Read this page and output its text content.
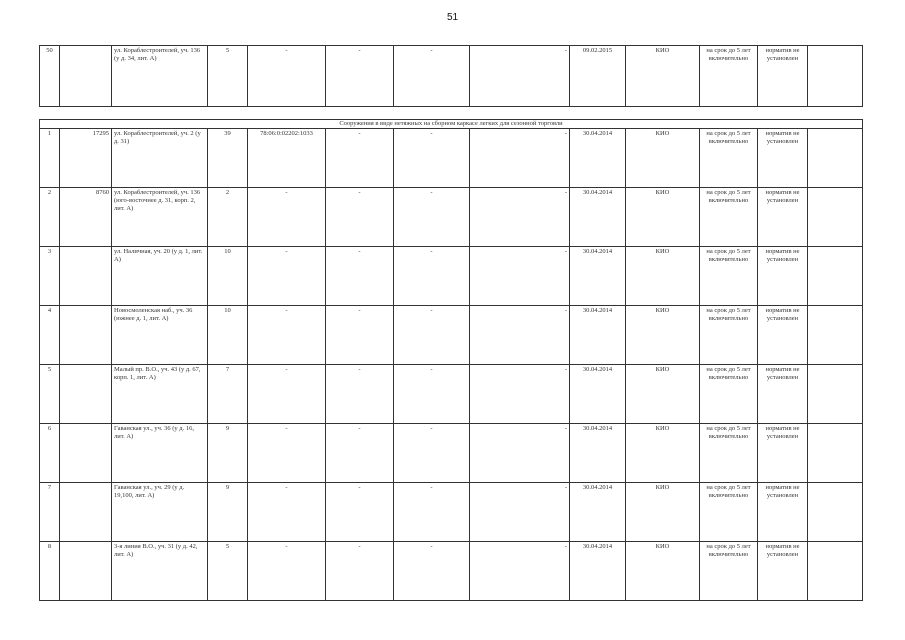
51
50		ул. Кораблестроителей, уч. 136 (у д. 34, лит. А)	5	-	-	-	-	09.02.2015	КИО	на срок до 5 лет включительно	норматив не установлен	

Сооружения в виде нетяжных на сборном каркасе легких для сезонной торговли												
1	17295	ул. Кораблестроителей, уч. 2 (у д. 31)	39	78:06:0:02202:1033	-	-	-	30.04.2014	КИО	на срок до 5 лет включительно	норматив не установлен	
2	8760	ул. Кораблестроителей, уч. 136 (юго-восточнее д. 31, корп. 2, лит. А)	2	-	-	-	-	30.04.2014	КИО	на срок до 5 лет включительно	норматив не установлен	
3		ул. Наличная, уч. 20 (у д. 1, лит. А)	10	-	-	-	-	30.04.2014	КИО	на срок до 5 лет включительно	норматив не установлен	
4		Новосмоленская наб., уч. 36 (южнее д. 1, лит. А)	10	-	-	-	-	30.04.2014	КИО	на срок до 5 лет включительно	норматив не установлен	
5		Малый пр. В.О., уч. 43 (у д. 67, корп. 1, лит. А)	7	-	-	-	-	30.04.2014	КИО	на срок до 5 лет включительно	норматив не установлен	
6		Гаванская ул., уч. 36 (у д. 16, лит. А)	9	-	-	-	-	30.04.2014	КИО	на срок до 5 лет включительно	норматив не установлен	
7		Гаванская ул., уч. 29 (у д. 19,100, лит. А)	9	-	-	-	-	30.04.2014	КИО	на срок до 5 лет включительно	норматив не установлен	
8		3-я линия В.О., уч. 31 (у д. 42, лит. А)	5	-	-	-	-	30.04.2014	КИО	на срок до 5 лет включительно	норматив не установлен	
